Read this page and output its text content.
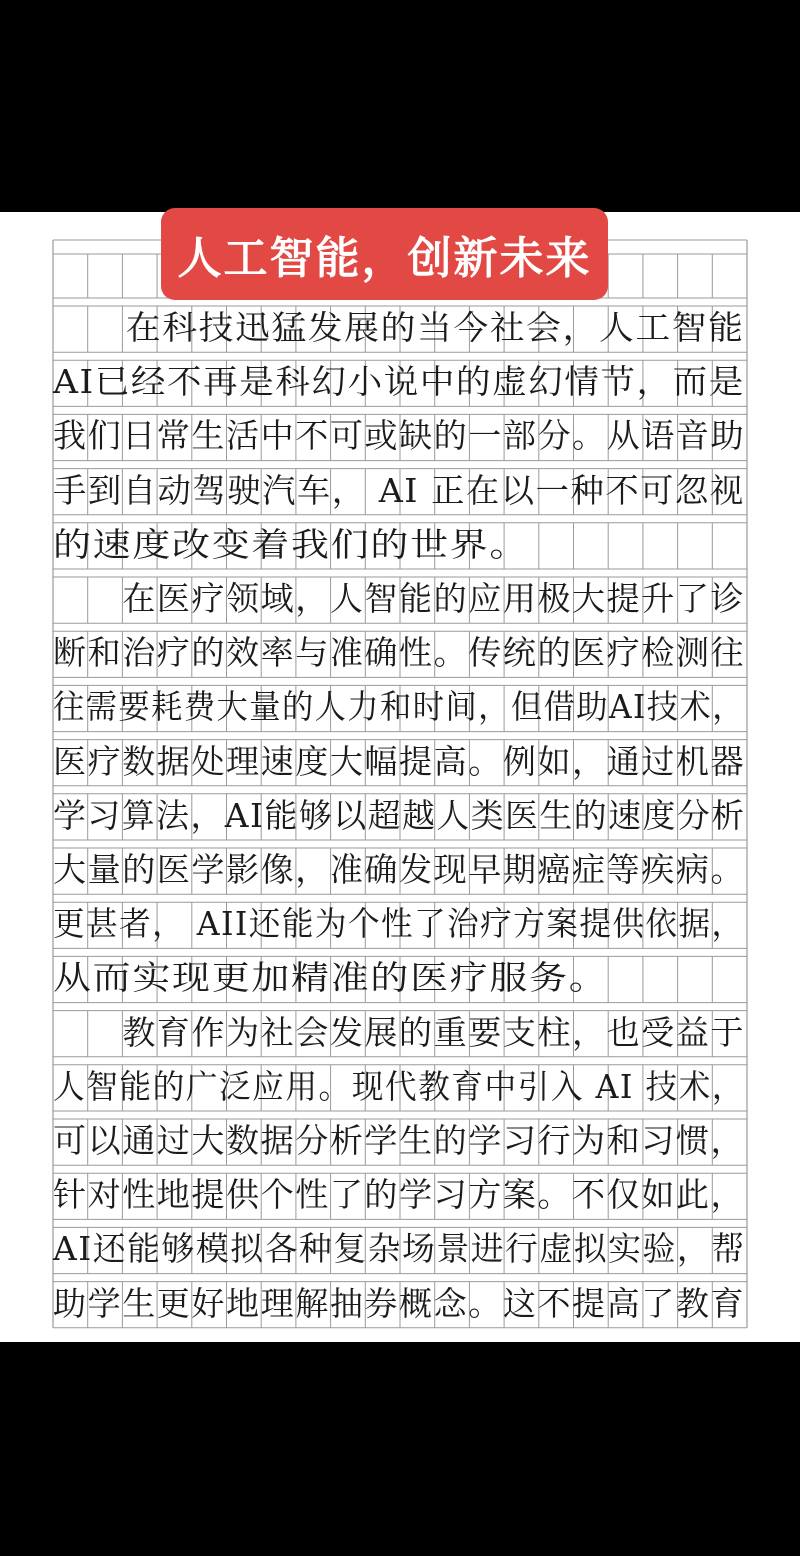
　　在科技迅猛发展的当今社会，人工智能
AI已经不再是科幻小说中的虚幻情节，而是
我们日常生活中不可或缺的一部分。从语音助
手到自动驾驶汽车， AI 正在以一种不可忽视
的速度改变着我们的世界。
　　在医疗领域，人智能的应用极大提升了诊
断和治疗的效率与准确性。传统的医疗检测往
往需要耗费大量的人力和时间，但借助AI技术，
医疗数据处理速度大幅提高。例如，通过机器
学习算法，AI能够以超越人类医生的速度分析
大量的医学影像，准确发现早期癌症等疾病。
更甚者， AII还能为个性了治疗方案提供依据，
从而实现更加精准的医疗服务。
　　教育作为社会发展的重要支柱，也受益于
人智能的广泛应用。现代教育中引入 AI 技术，
可以通过大数据分析学生的学习行为和习惯，
针对性地提供个性了的学习方案。不仅如此，
AI还能够模拟各种复杂场景进行虚拟实验，帮
助学生更好地理解抽券概念。这不提高了教育
人工智能，创新未来
